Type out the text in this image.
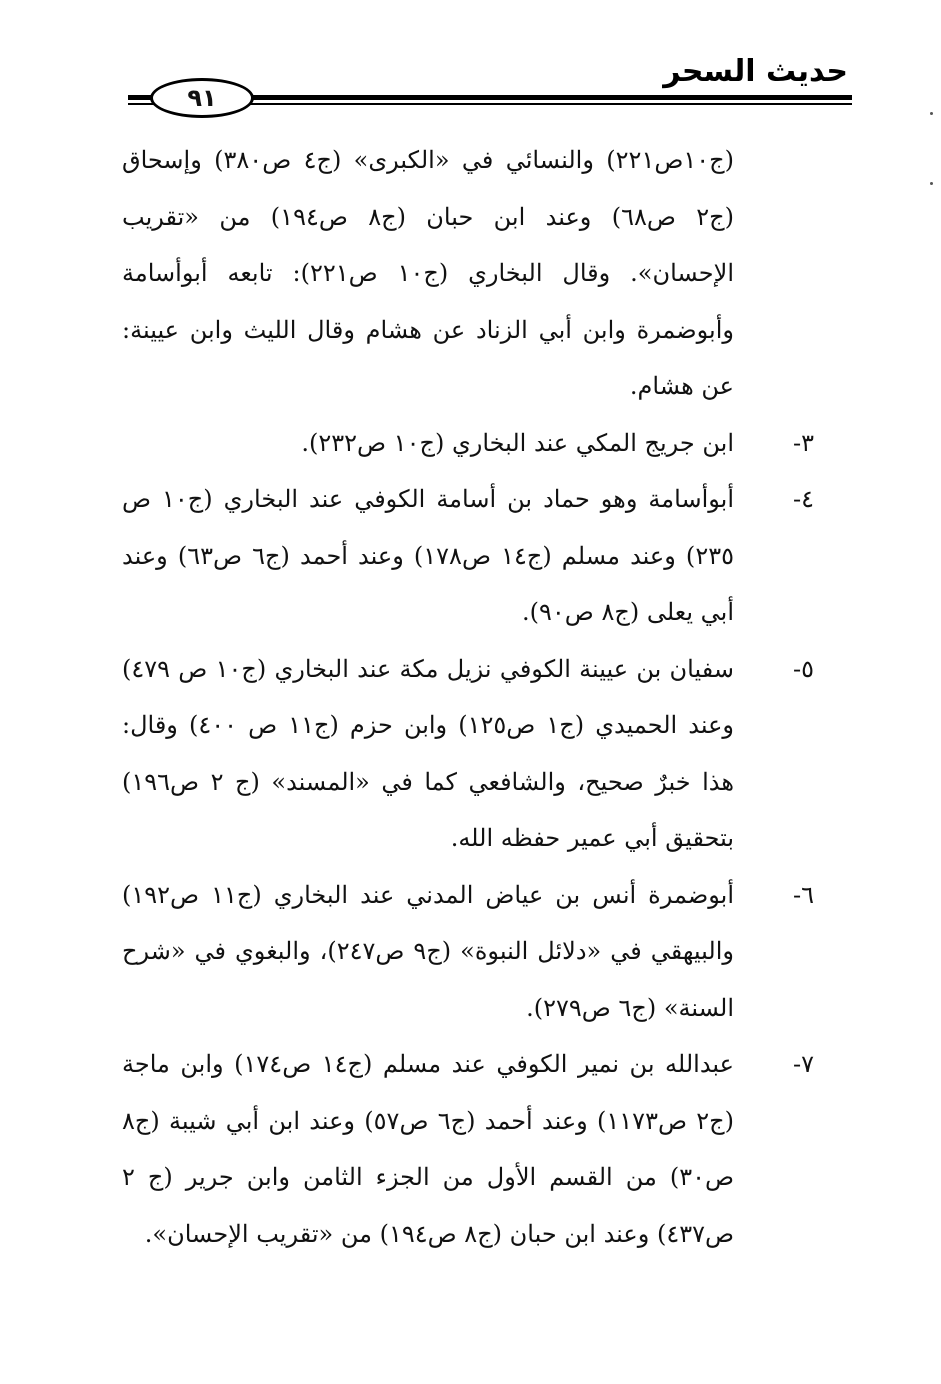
حديث السحر
٩١

(ج١٠ص٢٢١) والنسائي في «الكبرى» (ج٤ ص٣٨٠) وإسحاق (ج٢ ص٦٨) وعند ابن حبان (ج٨ ص١٩٤) من «تقريب الإحسان». وقال البخاري (ج١٠ ص٢٢١): تابعه أبوأسامة وأبوضمرة وابن أبي الزناد عن هشام وقال الليث وابن عيينة: عن هشام.

٣-
ابن جريج المكي عند البخاري (ج١٠ ص٢٣٢).
٤-
أبوأسامة وهو حماد بن أسامة الكوفي عند البخاري (ج١٠ ص ٢٣٥) وعند مسلم (ج١٤ ص١٧٨) وعند أحمد (ج٦ ص٦٣) وعند أبي يعلى (ج٨ ص٩٠).
٥-
سفيان بن عيينة الكوفي نزيل مكة عند البخاري (ج١٠ ص ٤٧٩) وعند الحميدي (ج١ ص١٢٥) وابن حزم (ج١١ ص ٤٠٠) وقال: هذا خبرٌ صحيح، والشافعي كما في «المسند» (ج ٢ ص١٩٦) بتحقيق أبي عمير حفظه الله.
٦-
أبوضمرة أنس بن عياض المدني عند البخاري (ج١١ ص١٩٢) والبيهقي في «دلائل النبوة» (ج٩ ص٢٤٧)، والبغوي في «شرح السنة» (ج٦ ص٢٧٩).
٧-
عبدالله بن نمير الكوفي عند مسلم (ج١٤ ص١٧٤) وابن ماجة (ج٢ ص١١٧٣) وعند أحمد (ج٦ ص٥٧) وعند ابن أبي شيبة (ج٨ ص٣٠) من القسم الأول من الجزء الثامن وابن جرير (ج ٢ ص٤٣٧) وعند ابن حبان (ج٨ ص١٩٤) من «تقريب الإحسان».
